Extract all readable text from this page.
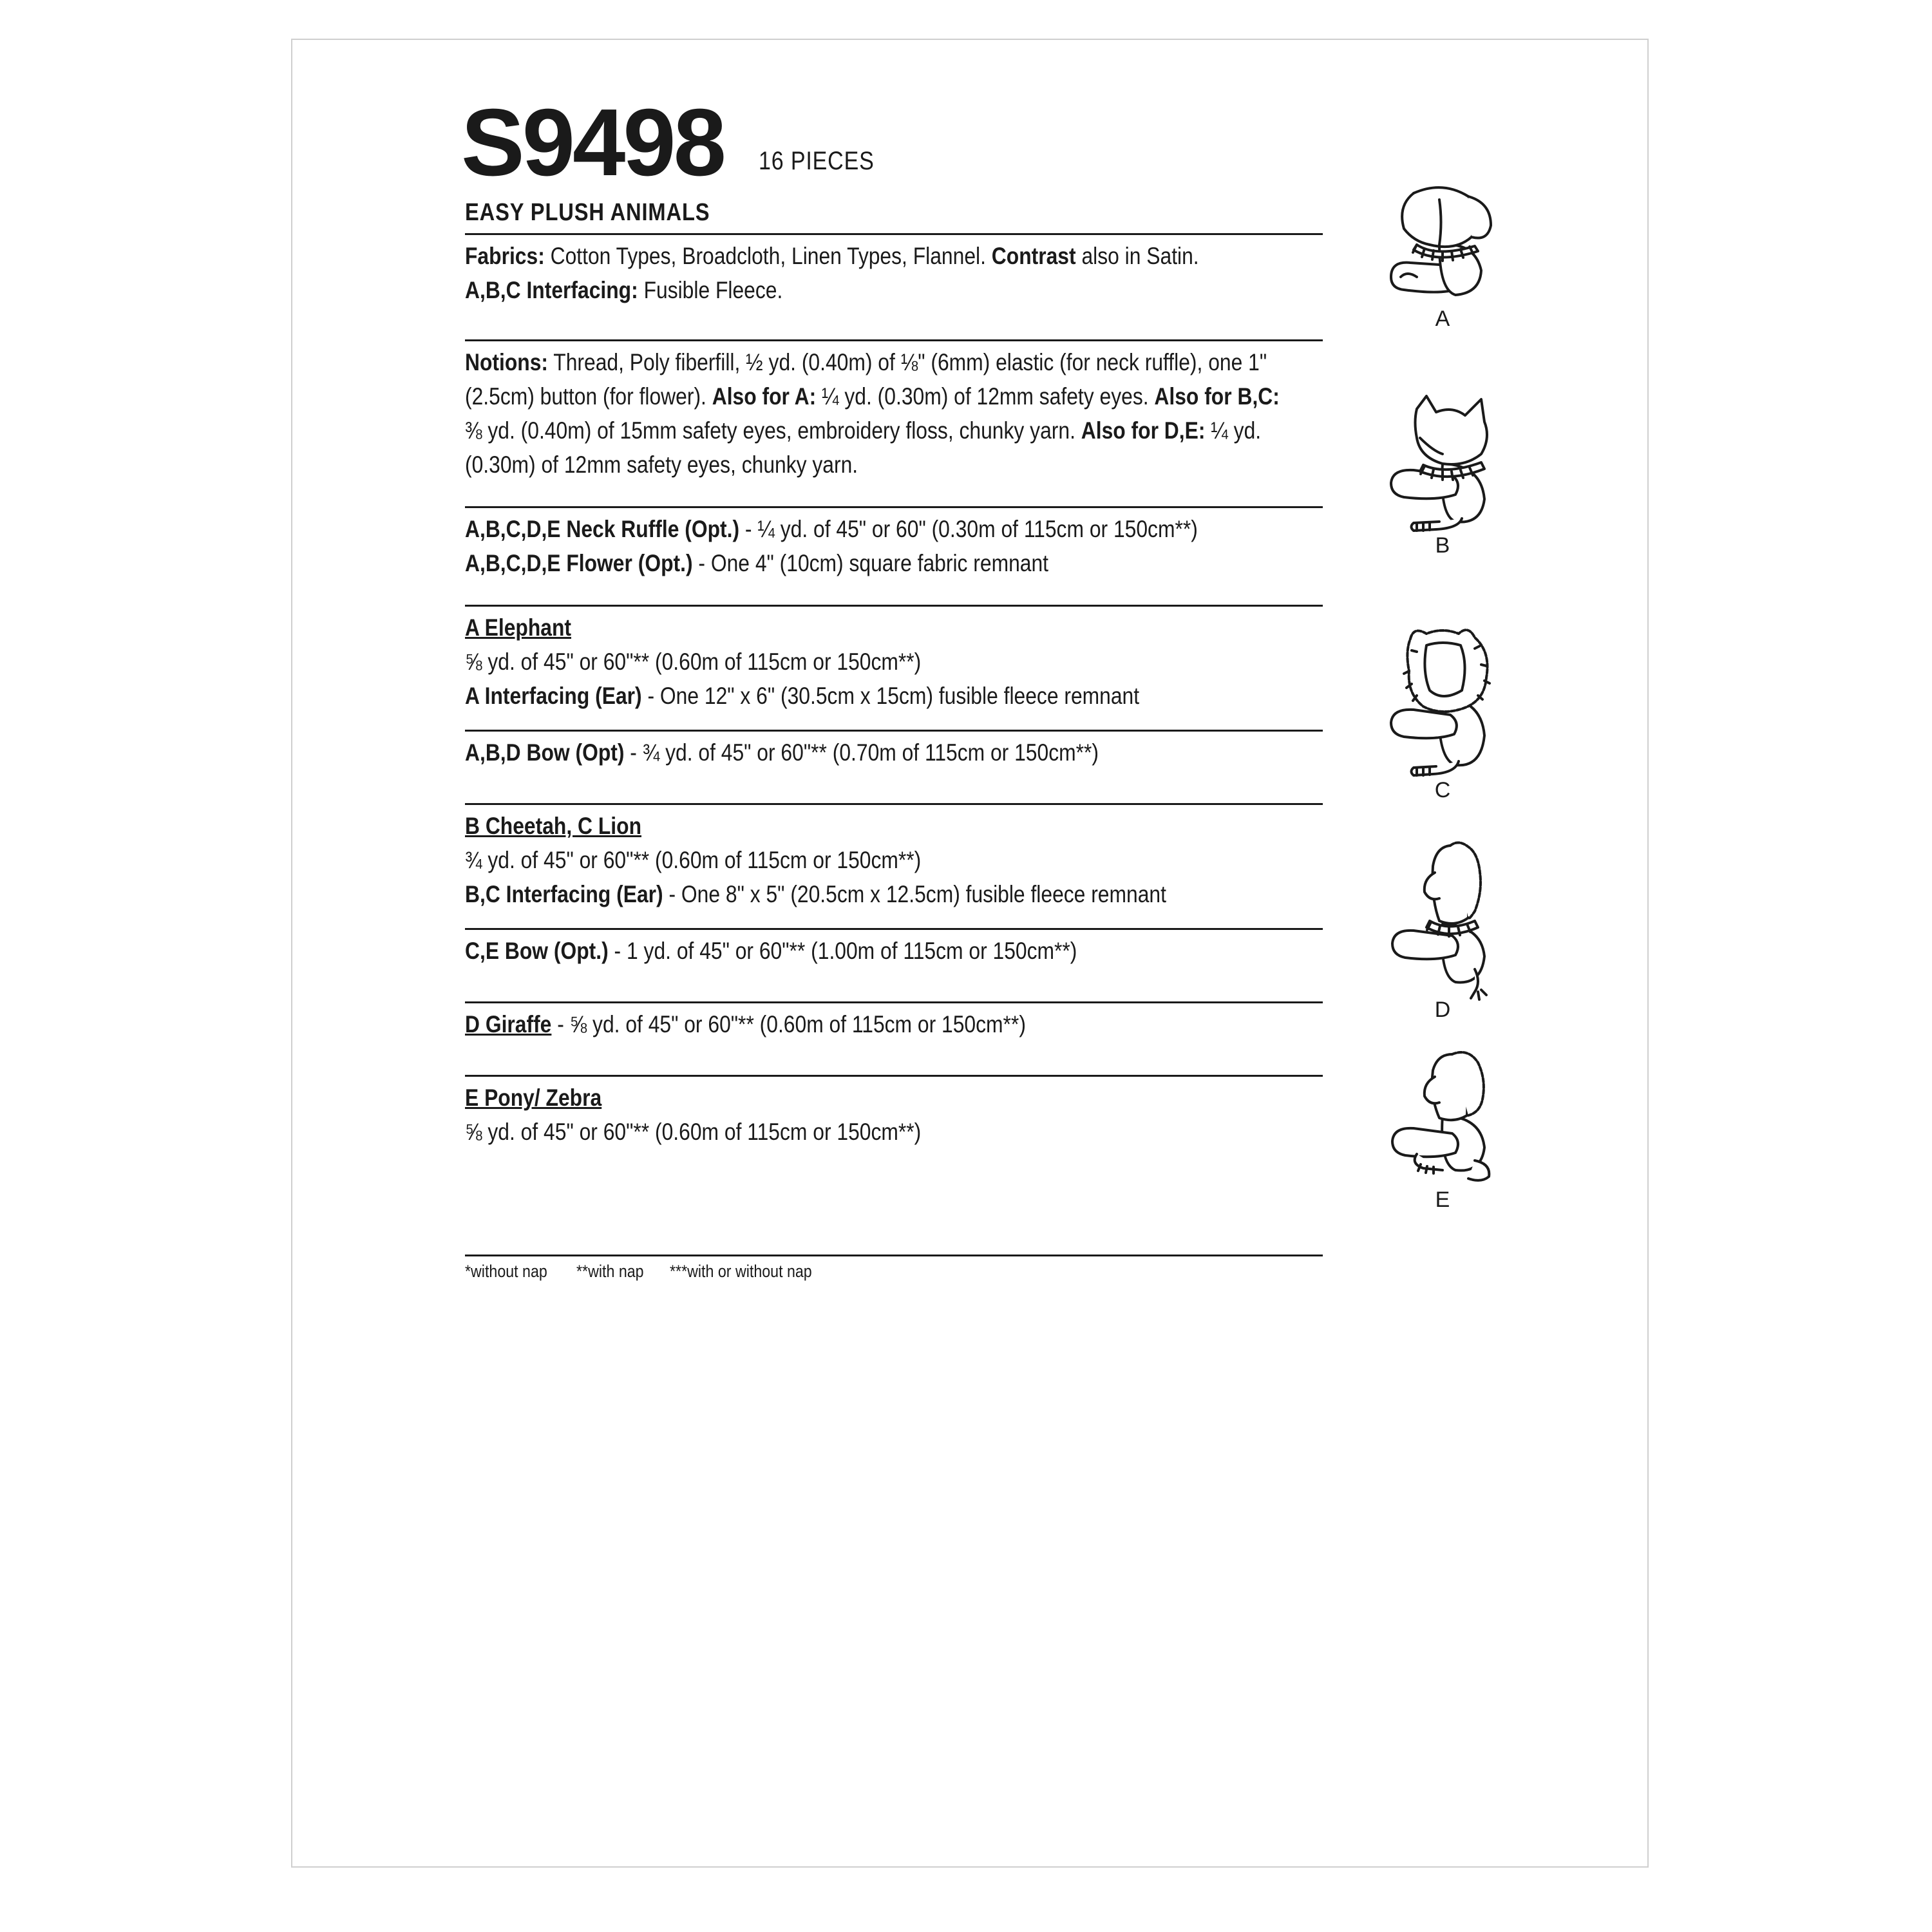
S9498 16 PIECES
EASY PLUSH ANIMALS
Fabrics: Cotton Types, Broadcloth, Linen Types, Flannel. Contrast also in Satin.
A,B,C Interfacing: Fusible Fleece.
Notions: Thread, Poly fiberfill, ½ yd. (0.40m) of ⅛" (6mm) elastic (for neck ruffle), one 1"
(2.5cm) button (for flower). Also for A: ¼ yd. (0.30m) of 12mm safety eyes. Also for B,C:
⅜ yd. (0.40m) of 15mm safety eyes, embroidery floss, chunky yarn. Also for D,E: ¼ yd.
(0.30m) of 12mm safety eyes, chunky yarn.
A,B,C,D,E Neck Ruffle (Opt.) - ¼ yd. of 45" or 60" (0.30m of 115cm or 150cm**)
A,B,C,D,E Flower (Opt.) - One 4" (10cm) square fabric remnant
A Elephant
⅝ yd. of 45" or 60"** (0.60m of 115cm or 150cm**)
A Interfacing (Ear) - One 12" x 6" (30.5cm x 15cm) fusible fleece remnant
A,B,D Bow (Opt) - ¾ yd. of 45" or 60"** (0.70m of 115cm or 150cm**)
B Cheetah, C Lion
¾ yd. of 45" or 60"** (0.60m of 115cm or 150cm**)
B,C Interfacing (Ear) - One 8" x 5" (20.5cm x 12.5cm) fusible fleece remnant
C,E Bow (Opt.) - 1 yd. of 45" or 60"** (1.00m of 115cm or 150cm**)
D Giraffe - ⅝ yd. of 45" or 60"** (0.60m of 115cm or 150cm**)
E Pony/ Zebra
⅝ yd. of 45" or 60"** (0.60m of 115cm or 150cm**)
*without nap **with nap ***with or without nap
A
B
C
D
E
